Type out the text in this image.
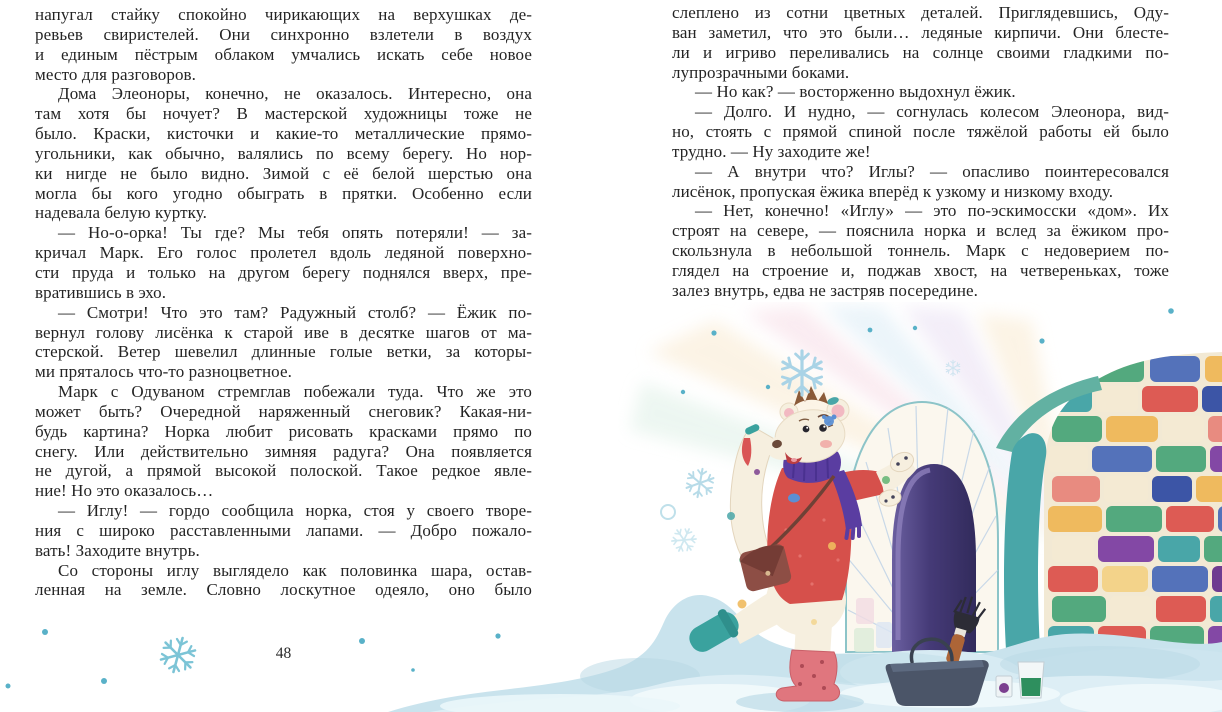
напугал стайку спокойно чирикающих на верхушках де-
ревьев свиристелей. Они синхронно взлетели в воздух
и единым пёстрым облаком умчались искать себе новое
место для разговоров.
Дома Элеоноры, конечно, не оказалось. Интересно, она
там хотя бы ночует? В мастерской художницы тоже не
было. Краски, кисточки и какие-то металлические прямо-
угольники, как обычно, валялись по всему берегу. Но нор-
ки нигде не было видно. Зимой с её белой шерстью она
могла бы кого угодно обыграть в прятки. Особенно если
надевала белую куртку.
— Но-о-орка! Ты где? Мы тебя опять потеряли! — за-
кричал Марк. Его голос пролетел вдоль ледяной поверхно-
сти пруда и только на другом берегу поднялся вверх, пре-
вратившись в эхо.
— Смотри! Что это там? Радужный столб? — Ёжик по-
вернул голову лисёнка к старой иве в десятке шагов от ма-
стерской. Ветер шевелил длинные голые ветки, за которы-
ми пряталось что-то разноцветное.
Марк с Одуваном стремглав побежали туда. Что же это
может быть? Очередной наряженный снеговик? Какая-ни-
будь картина? Норка любит рисовать красками прямо по
снегу. Или действительно зимняя радуга? Она появляется
не дугой, а прямой высокой полоской. Такое редкое явле-
ние! Но это оказалось…
— Иглу! — гордо сообщила норка, стоя у своего творе-
ния с широко расставленными лапами. — Добро пожало-
вать! Заходите внутрь.
Со стороны иглу выглядело как половинка шара, остав-
ленная на земле. Словно лоскутное одеяло, оно было
слеплено из сотни цветных деталей. Приглядевшись, Оду-
ван заметил, что это были… ледяные кирпичи. Они блесте-
ли и игриво переливались на солнце своими гладкими по-
лупрозрачными боками.
— Но как? — восторженно выдохнул ёжик.
— Долго. И нудно, — согнулась колесом Элеонора, вид-
но, стоять с прямой спиной после тяжёлой работы ей было
трудно. — Ну заходите же!
— А внутри что? Иглы? — опасливо поинтересовался
лисёнок, пропуская ёжика вперёд к узкому и низкому входу.
— Нет, конечно! «Иглу» — это по-эскимосски «дом». Их
строят на севере, — пояснила норка и вслед за ёжиком про-
скользнула в небольшой тоннель. Марк с недоверием по-
глядел на строение и, поджав хвост, на четвереньках, тоже
залез внутрь, едва не застряв посередине.
48
